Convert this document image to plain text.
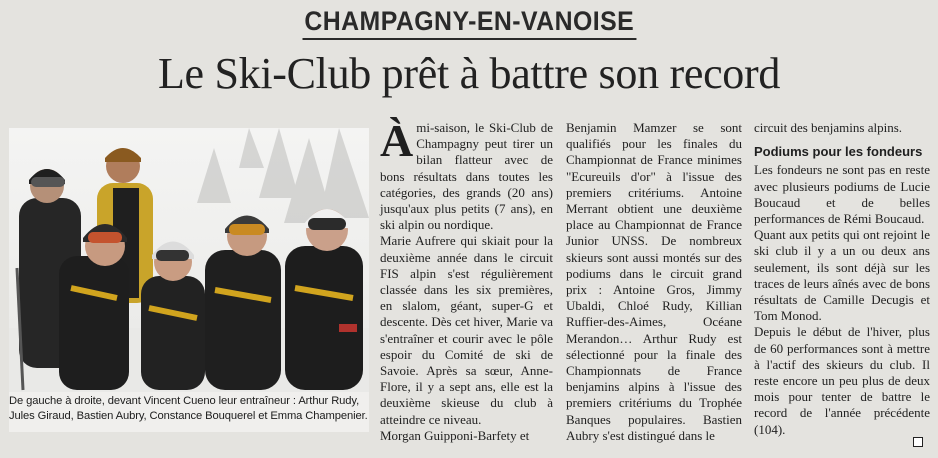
CHAMPAGNY-EN-VANOISE
Le Ski-Club prêt à battre son record
De gauche à droite, devant Vincent Cueno leur entraîneur : Arthur Rudy, Jules Giraud, Bastien Aubry, Constance Bouquerel et Emma Champenier.

Àmi-saison, le Ski-Club de Champagny peut tirer un bilan flatteur avec de bons résultats dans toutes les catégories, des grands (20 ans) jusqu'aux plus petits (7 ans), en ski alpin ou nordique.

Marie Aufrere qui skiait pour la deuxième année dans le circuit FIS alpin s'est régulièrement classée dans les six premières, en slalom, géant, super-G et descente. Dès cet hiver, Marie va s'entraîner et courir avec le pôle espoir du Comité de ski de Savoie. Après sa sœur, Anne-Flore, il y a sept ans, elle est la deuxième skieuse du club à atteindre ce niveau.

Morgan Guipponi-Barfety et

Benjamin Mamzer se sont qualifiés pour les finales du Championnat de France minimes "Ecureuils d'or" à l'issue des premiers critériums. Antoine Merrant obtient une deuxième place au Championnat de France Junior UNSS. De nombreux skieurs sont aussi montés sur des podiums dans le circuit grand prix : Antoine Gros, Jimmy Ubaldi, Chloé Rudy, Killian Ruffier-des-Aimes, Océane Merandon… Arthur Rudy est sélectionné pour la finale des Championnats de France benjamins alpins à l'issue des premiers critériums du Trophée Banques populaires. Bastien Aubry s'est distingué dans le

circuit des benjamins alpins.

Podiums pour les fondeurs

Les fondeurs ne sont pas en reste avec plusieurs podiums de Lucie Boucaud et de belles performances de Rémi Boucaud.

Quant aux petits qui ont rejoint le ski club il y a un ou deux ans seulement, ils sont déjà sur les traces de leurs aînés avec de bons résultats de Camille Decugis et Tom Monod.

Depuis le début de l'hiver, plus de 60 performances sont à mettre à l'actif des skieurs du club. Il reste encore un peu plus de deux mois pour tenter de battre le record de l'année précédente (104).
